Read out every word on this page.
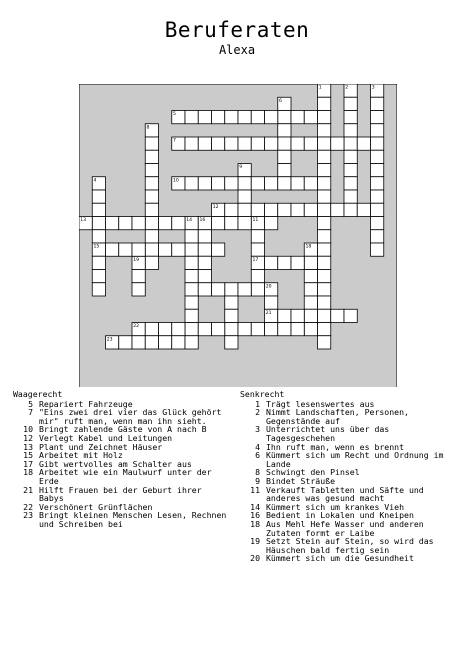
Beruferaten
Alexa
1	2	3
4
5
6
7
8
9
10
11
12
13	14
15
16
17
18
19
20
21
22
23
Waagerecht
5 Repariert Fahrzeuge
7 "Eins zwei drei vier das Glück gehört mir" ruft man, wenn man ihn sieht.
10 Bringt zahlende Gäste von A nach B
12 Verlegt Kabel und Leitungen
13 Plant und Zeichnet Häuser
15 Arbeitet mit Holz
17 Gibt wertvolles am Schalter aus
18 Arbeitet wie ein Maulwurf unter der Erde
21 Hilft Frauen bei der Geburt ihrer Babys
22 Verschönert Grünflächen
23 Bringt kleinen Menschen Lesen, Rechnen und Schreiben bei
Senkrecht
1 Trägt lesenswertes aus
2 Nimmt Landschaften, Personen, Gegenstände auf
3 Unterrichtet uns über das Tagesgeschehen
4 Ihn ruft man, wenn es brennt
6 Kümmert sich um Recht und Ordnung im Lande
8 Schwingt den Pinsel
9 Bindet Sträuße
11 Verkauft Tabletten und Säfte und anderes was gesund macht
14 Kümmert sich um krankes Vieh
16 Bedient in Lokalen und Kneipen
18 Aus Mehl Hefe Wasser und anderen Zutaten formt er Laibe
19 Setzt Stein auf Stein, so wird das Häuschen bald fertig sein
20 Kümmert sich um die Gesundheit
